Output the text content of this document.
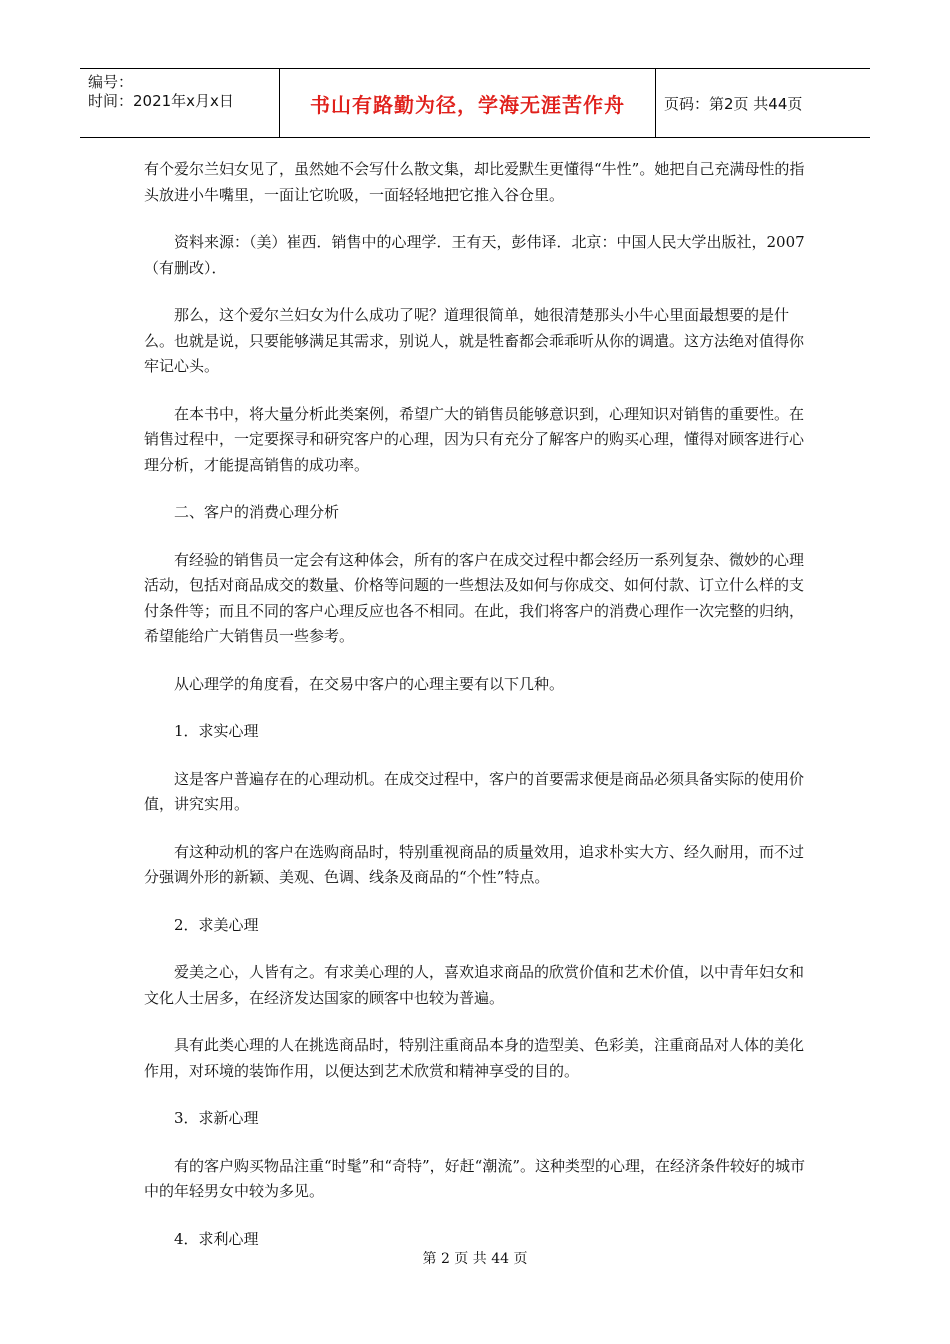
编号：
时间：2021年x月x日	书山有路勤为径，学海无涯苦作舟	页码：第2页 共44页

有个爱尔兰妇女见了，虽然她不会写什么散文集，却比爱默生更懂得“牛性”。她把自己充满母性的指头放进小牛嘴里，一面让它吮吸，一面轻轻地把它推入谷仓里。

资料来源：（美）崔西．销售中的心理学．王有天，彭伟译．北京：中国人民大学出版社，2007（有删改）．

那么，这个爱尔兰妇女为什么成功了呢？道理很简单，她很清楚那头小牛心里面最想要的是什么。也就是说，只要能够满足其需求，别说人，就是牲畜都会乖乖听从你的调遣。这方法绝对值得你牢记心头。

在本书中，将大量分析此类案例，希望广大的销售员能够意识到，心理知识对销售的重要性。在销售过程中，一定要探寻和研究客户的心理，因为只有充分了解客户的购买心理，懂得对顾客进行心理分析，才能提高销售的成功率。

二、客户的消费心理分析

有经验的销售员一定会有这种体会，所有的客户在成交过程中都会经历一系列复杂、微妙的心理活动，包括对商品成交的数量、价格等问题的一些想法及如何与你成交、如何付款、订立什么样的支付条件等；而且不同的客户心理反应也各不相同。在此，我们将客户的消费心理作一次完整的归纳，希望能给广大销售员一些参考。

从心理学的角度看，在交易中客户的心理主要有以下几种。

1．求实心理

这是客户普遍存在的心理动机。在成交过程中，客户的首要需求便是商品必须具备实际的使用价值，讲究实用。

有这种动机的客户在选购商品时，特别重视商品的质量效用，追求朴实大方、经久耐用，而不过分强调外形的新颖、美观、色调、线条及商品的“个性”特点。

2．求美心理

爱美之心，人皆有之。有求美心理的人，喜欢追求商品的欣赏价值和艺术价值，以中青年妇女和文化人士居多，在经济发达国家的顾客中也较为普遍。

具有此类心理的人在挑选商品时，特别注重商品本身的造型美、色彩美，注重商品对人体的美化作用，对环境的装饰作用，以便达到艺术欣赏和精神享受的目的。

3．求新心理

有的客户购买物品注重“时髦”和“奇特”，好赶“潮流”。这种类型的心理，在经济条件较好的城市中的年轻男女中较为多见。

4．求利心理

第 2 页 共 44 页
